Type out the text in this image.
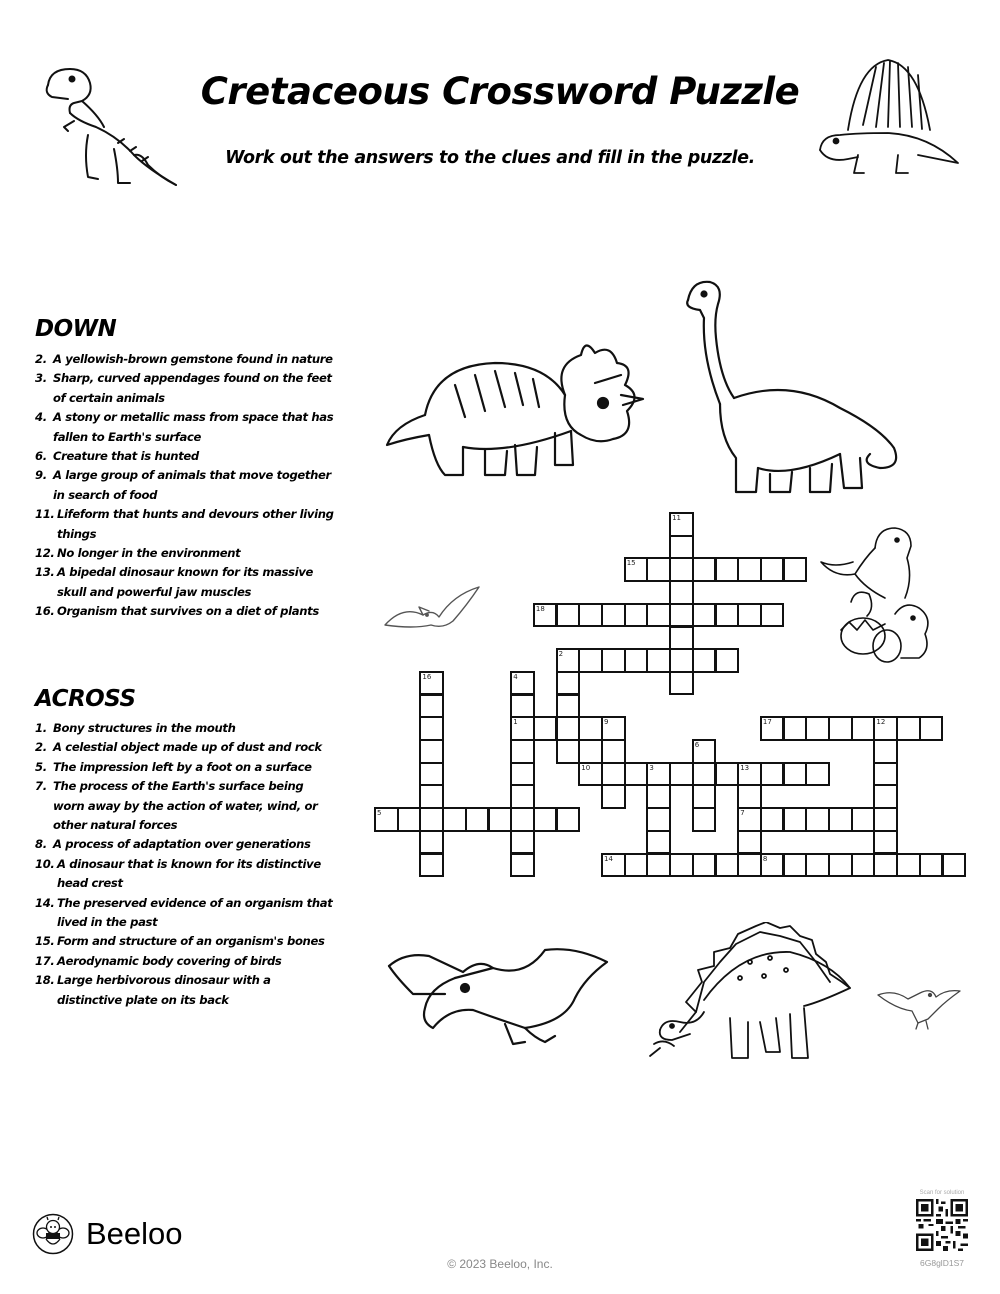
Cretaceous Crossword Puzzle
Work out the answers to the clues and fill in the puzzle.
DOWN
2. A yellowish-brown gemstone found in nature
3. Sharp, curved appendages found on the feet of certain animals
4. A stony or metallic mass from space that has fallen to Earth's surface
6. Creature that is hunted
9. A large group of animals that move together in search of food
11. Lifeform that hunts and devours other living things
12. No longer in the environment
13. A bipedal dinosaur known for its massive skull and powerful jaw muscles
16. Organism that survives on a diet of plants
ACROSS
1. Bony structures in the mouth
2. A celestial object made up of dust and rock
5. The impression left by a foot on a surface
7. The process of the Earth's surface being worn away by the action of water, wind, or other natural forces
8. A process of adaptation over generations
10. A dinosaur that is known for its distinctive head crest
14. The preserved evidence of an organism that lived in the past
15. Form and structure of an organism's bones
17. Aerodynamic body covering of birds
18. Large herbivorous dinosaur with a distinctive plate on its back
11
15
18
2
16	4
1	9	17	12
6
10	3	13
7
5
14	8
Beeloo
© 2023 Beeloo, Inc.
Scan for solution
6G8glD1S7
